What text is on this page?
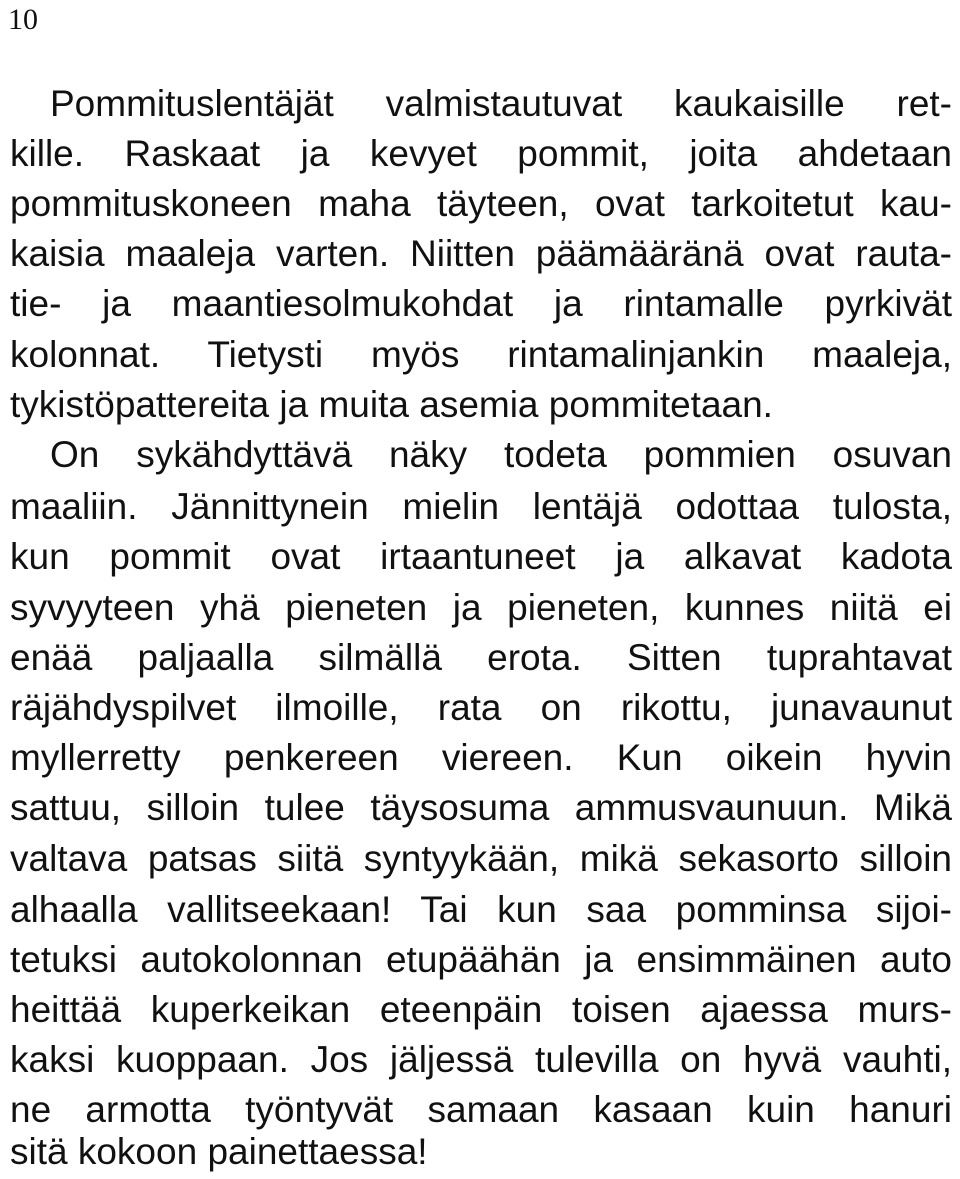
10
Pommituslentäjät valmistautuvat kaukaisille ret-
kille. Raskaat ja kevyet pommit, joita ahdetaan
pommituskoneen maha täyteen, ovat tarkoitetut kau-
kaisia maaleja varten. Niitten päämääränä ovat rauta-
tie- ja maantiesolmukohdat ja rintamalle pyrkivät
kolonnat. Tietysti myös rintamalinjankin maaleja,
tykistöpattereita ja muita asemia pommitetaan.
On sykähdyttävä näky todeta pommien osuvan
maaliin. Jännittynein mielin lentäjä odottaa tulosta,
kun pommit ovat irtaantuneet ja alkavat kadota
syvyyteen yhä pieneten ja pieneten, kunnes niitä ei
enää paljaalla silmällä erota. Sitten tuprahtavat
räjähdyspilvet ilmoille, rata on rikottu, junavaunut
myllerretty penkereen viereen. Kun oikein hyvin
sattuu, silloin tulee täysosuma ammusvaunuun. Mikä
valtava patsas siitä syntyykään, mikä sekasorto silloin
alhaalla vallitseekaan! Tai kun saa pomminsa sijoi-
tetuksi autokolonnan etupäähän ja ensimmäinen auto
heittää kuperkeikan eteenpäin toisen ajaessa murs-
kaksi kuoppaan. Jos jäljessä tulevilla on hyvä vauhti,
ne armotta työntyvät samaan kasaan kuin hanuri
sitä kokoon painettaessa!
